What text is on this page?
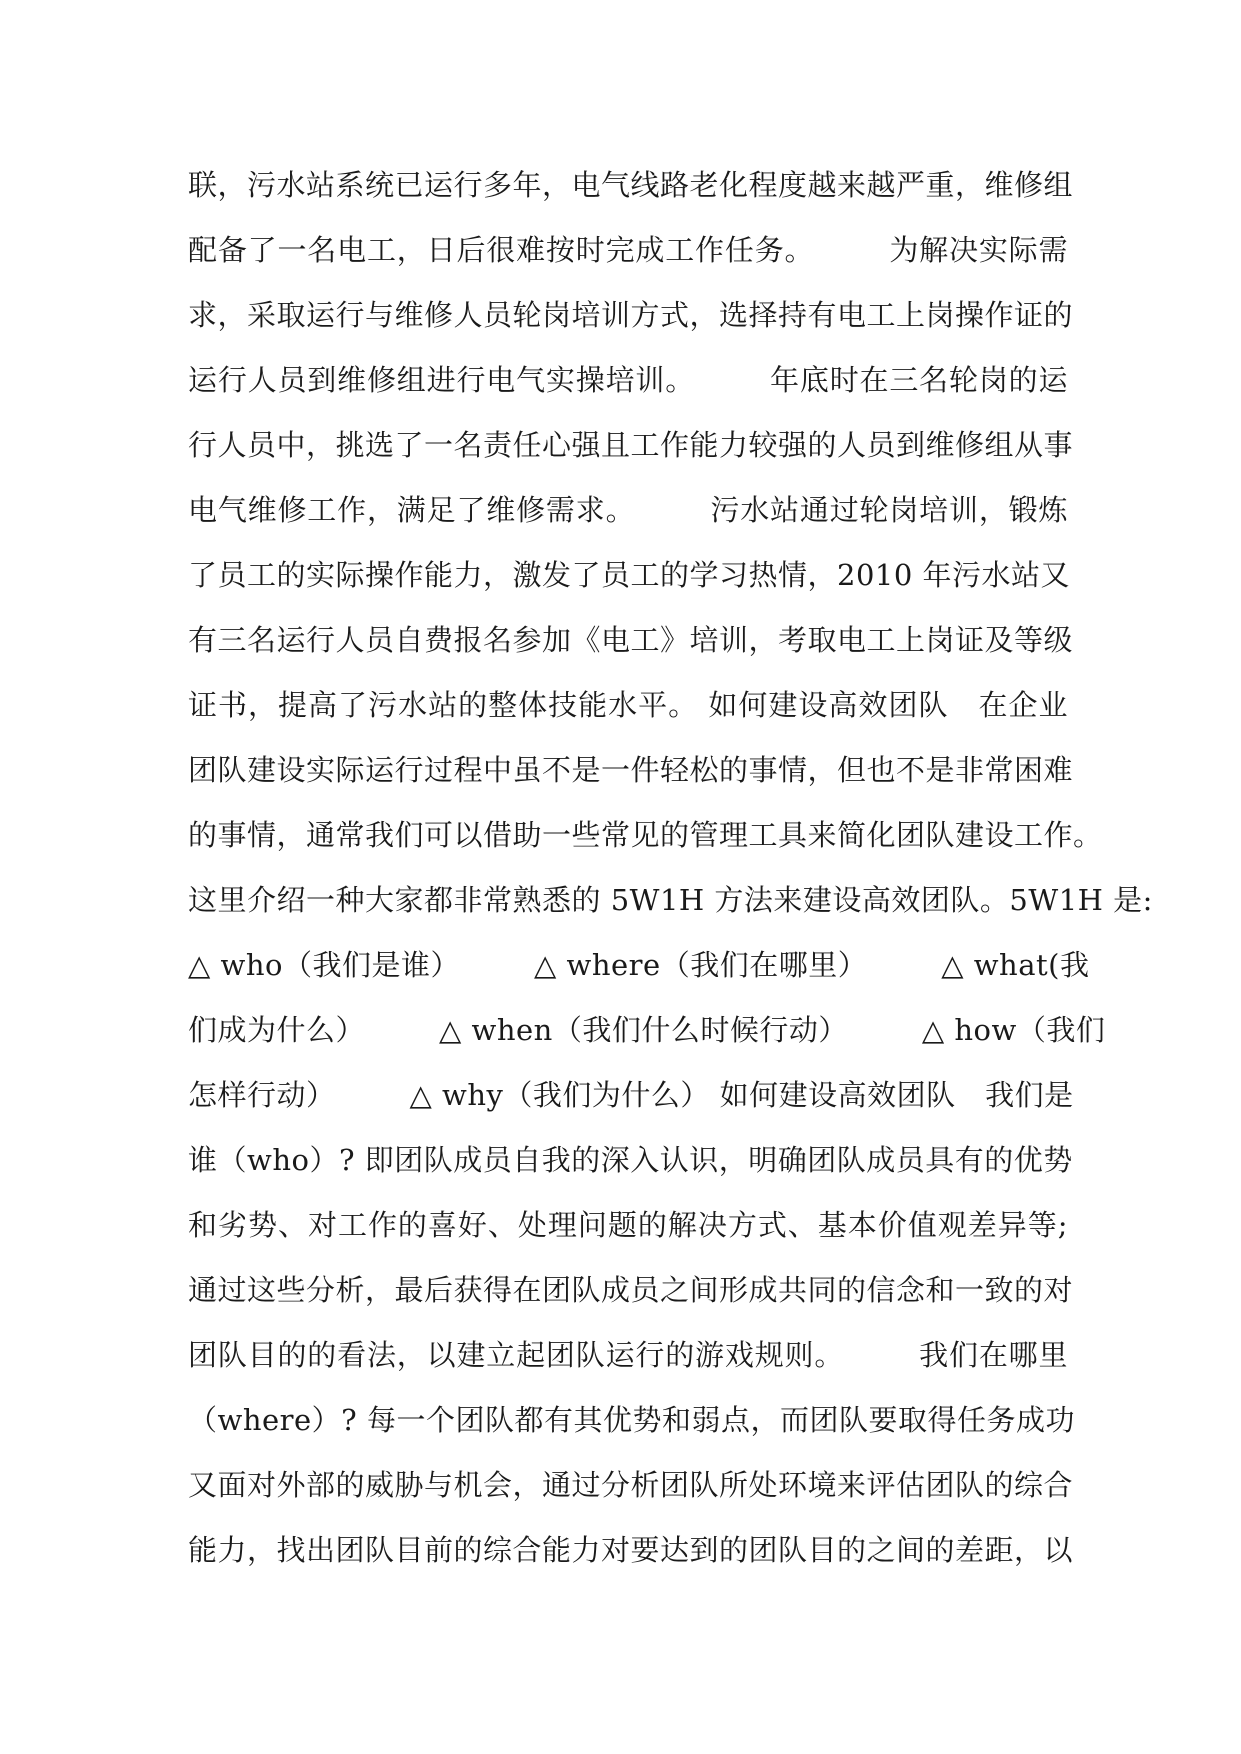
联，污水站系统已运行多年，电气线路老化程度越来越严重，维修组
配备了一名电工，日后很难按时完成工作任务。　　　为解决实际需
求，采取运行与维修人员轮岗培训方式，选择持有电工上岗操作证的
运行人员到维修组进行电气实操培训。　　　年底时在三名轮岗的运
行人员中，挑选了一名责任心强且工作能力较强的人员到维修组从事
电气维修工作，满足了维修需求。　　　污水站通过轮岗培训，锻炼
了员工的实际操作能力，激发了员工的学习热情，2010 年污水站又
有三名运行人员自费报名参加《电工》培训，考取电工上岗证及等级
证书，提高了污水站的整体技能水平。 如何建设高效团队　在企业
团队建设实际运行过程中虽不是一件轻松的事情，但也不是非常困难
的事情，通常我们可以借助一些常见的管理工具来简化团队建设工作。
这里介绍一种大家都非常熟悉的 5W1H 方法来建设高效团队。5W1H 是:
△ who（我们是谁）　　　△ where（我们在哪里）　　　△ what(我
们成为什么）　　　△ when（我们什么时候行动）　　　△ how（我们
怎样行动）　　　△ why（我们为什么） 如何建设高效团队　我们是
谁（who）? 即团队成员自我的深入认识，明确团队成员具有的优势
和劣势、对工作的喜好、处理问题的解决方式、基本价值观差异等;
通过这些分析，最后获得在团队成员之间形成共同的信念和一致的对
团队目的的看法，以建立起团队运行的游戏规则。　　　我们在哪里
（where）? 每一个团队都有其优势和弱点，而团队要取得任务成功
又面对外部的威胁与机会，通过分析团队所处环境来评估团队的综合
能力，找出团队目前的综合能力对要达到的团队目的之间的差距，以
